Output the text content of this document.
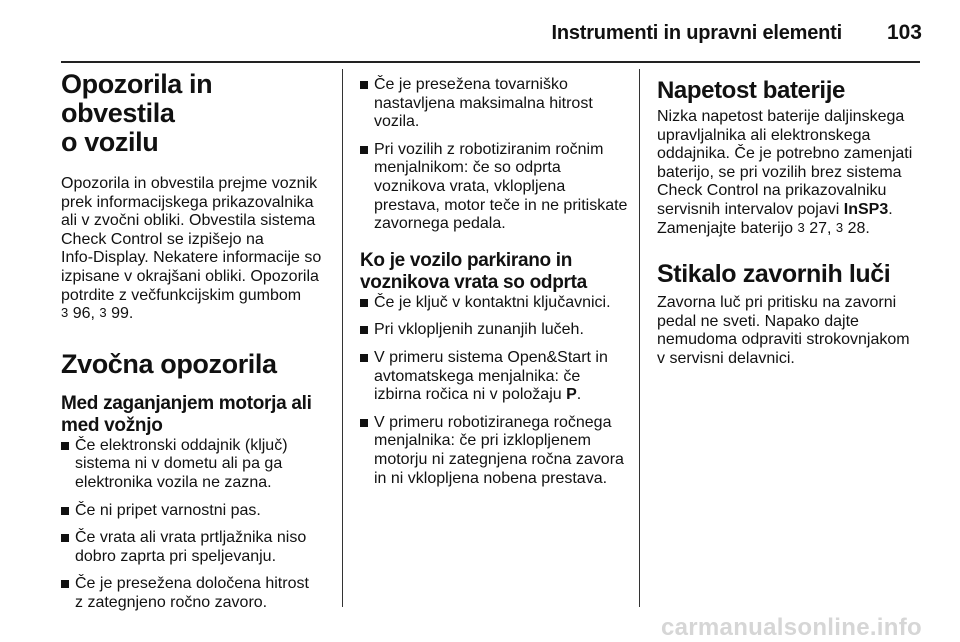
Instrumenti in upravni elementi 103
Opozorila in obvestila
o vozilu

Opozorila in obvestila prejme voznik
prek informacijskega prikazovalnika
ali v zvočni obliki. Obvestila sistema
Check Control se izpišejo na
Info-Display. Nekatere informacije so
izpisane v okrajšani obliki. Opozorila
potrdite z večfunkcijskim gumbom
3 96, 3 99.

Zvočna opozorila
Med zaganjanjem motorja ali
med vožnjo
Če elektronski oddajnik (ključ)
sistema ni v dometu ali pa ga
elektronika vozila ne zazna.
Če ni pripet varnostni pas.
Če vrata ali vrata prtljažnika niso
dobro zaprta pri speljevanju.
Če je presežena določena hitrost
z zategnjeno ročno zavoro.
Če je presežena tovarniško
nastavljena maksimalna hitrost
vozila.
Pri vozilih z robotiziranim ročnim
menjalnikom: če so odprta
voznikova vrata, vklopljena
prestava, motor teče in ne pritiskate
zavornega pedala.
Ko je vozilo parkirano in
voznikova vrata so odprta
Če je ključ v kontaktni ključavnici.
Pri vklopljenih zunanjih lučeh.
V primeru sistema Open&Start in
avtomatskega menjalnika: če
izbirna ročica ni v položaju P.
V primeru robotiziranega ročnega
menjalnika: če pri izklopljenem
motorju ni zategnjena ročna zavora
in ni vklopljena nobena prestava.
Napetost baterije

Nizka napetost baterije daljinskega
upravljalnika ali elektronskega
oddajnika. Če je potrebno zamenjati
baterijo, se pri vozilih brez sistema
Check Control na prikazovalniku
servisnih intervalov pojavi InSP3.
Zamenjajte baterijo 3 27, 3 28.

Stikalo zavornih luči

Zavorna luč pri pritisku na zavorni
pedal ne sveti. Napako dajte
nemudoma odpraviti strokovnjakom
v servisni delavnici.

carmanualsonline.info
